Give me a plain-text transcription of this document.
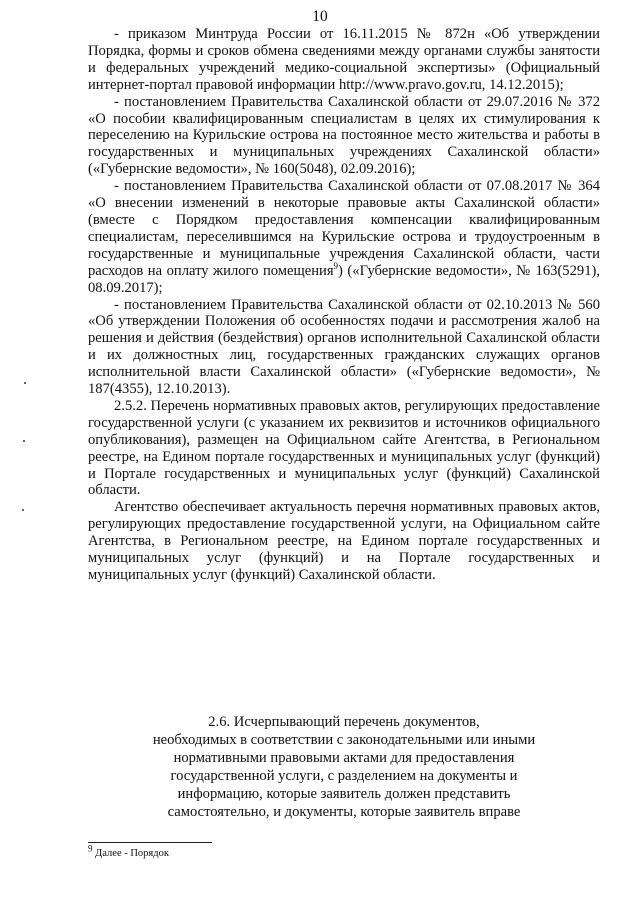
10

- приказом Минтруда России от 16.11.2015 № 872н «Об утверждении Порядка, формы и сроков обмена сведениями между органами службы занятости и федеральных учреждений медико-социальной экспертизы» (Официальный интернет-портал правовой информации http://www.pravo.gov.ru, 14.12.2015);

- постановлением Правительства Сахалинской области от 29.07.2016 № 372 «О пособии квалифицированным специалистам в целях их стимулирования к переселению на Курильские острова на постоянное место жительства и работы в государственных и муниципальных учреждениях Сахалинской области» («Губернские ведомости», № 160(5048), 02.09.2016);

- постановлением Правительства Сахалинской области от 07.08.2017 № 364 «О внесении изменений в некоторые правовые акты Сахалинской области» (вместе с Порядком предоставления компенсации квалифицированным специалистам, переселившимся на Курильские острова и трудоустроенным в государственные и муниципальные учреждения Сахалинской области, части расходов на оплату жилого помещения$^9$) («Губернские ведомости», № 163(5291), 08.09.2017);

- постановлением Правительства Сахалинской области от 02.10.2013 № 560 «Об утверждении Положения об особенностях подачи и рассмотрения жалоб на решения и действия (бездействия) органов исполнительной Сахалинской области и их должностных лиц, государственных гражданских служащих органов исполнительной власти Сахалинской области» («Губернские ведомости», № 187(4355), 12.10.2013).

2.5.2. Перечень нормативных правовых актов, регулирующих предоставление государственной услуги (с указанием их реквизитов и источников официального опубликования), размещен на Официальном сайте Агентства, в Региональном реестре, на Едином портале государственных и муниципальных услуг (функций) и Портале государственных и муниципальных услуг (функций) Сахалинской области.

Агентство обеспечивает актуальность перечня нормативных правовых актов, регулирующих предоставление государственной услуги, на Официальном сайте Агентства, в Региональном реестре, на Едином портале государственных и муниципальных услуг (функций) и на Портале государственных и муниципальных услуг (функций) Сахалинской области.

2.6. Исчерпывающий перечень документов,
необходимых в соответствии с законодательными или иными
нормативными правовыми актами для предоставления
государственной услуги, с разделением на документы и
информацию, которые заявитель должен представить
самостоятельно, и документы, которые заявитель вправе
$^9$ Далее - Порядок
